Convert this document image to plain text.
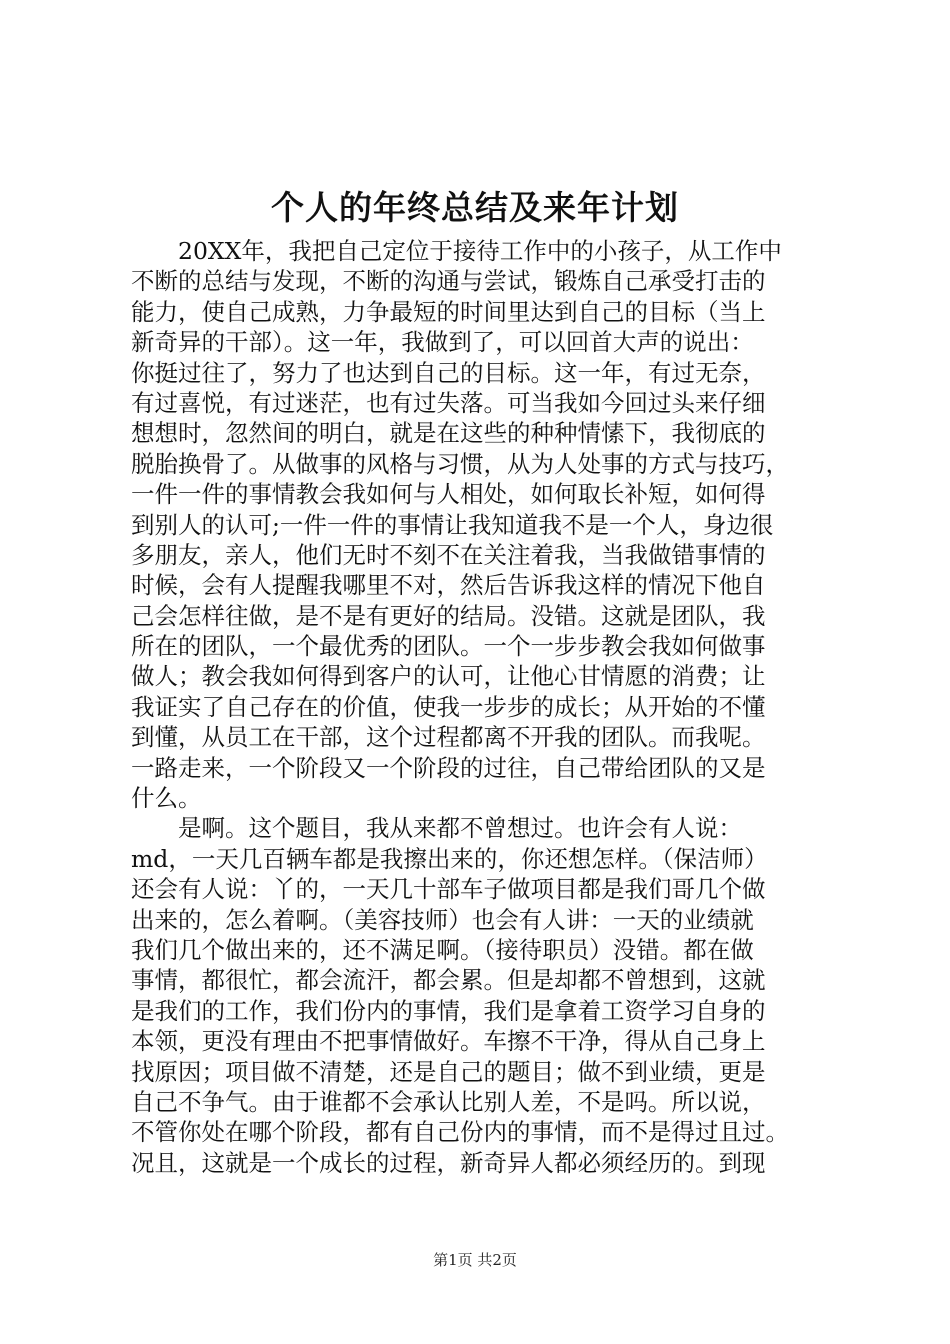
个人的年终总结及来年计划
　　20XX年，我把自己定位于接待工作中的小孩子，从工作中
不断的总结与发现，不断的沟通与尝试，锻炼自己承受打击的
能力，使自己成熟，力争最短的时间里达到自己的目标（当上
新奇异的干部）。这一年，我做到了，可以回首大声的说出：
你挺过往了，努力了也达到自己的目标。这一年，有过无奈，
有过喜悦，有过迷茫，也有过失落。可当我如今回过头来仔细
想想时，忽然间的明白，就是在这些的种种情愫下，我彻底的
脱胎换骨了。从做事的风格与习惯，从为人处事的方式与技巧，
一件一件的事情教会我如何与人相处，如何取长补短，如何得
到别人的认可;一件一件的事情让我知道我不是一个人，身边很
多朋友，亲人，他们无时不刻不在关注着我，当我做错事情的
时候，会有人提醒我哪里不对，然后告诉我这样的情况下他自
己会怎样往做，是不是有更好的结局。没错。这就是团队，我
所在的团队，一个最优秀的团队。一个一步步教会我如何做事
做人；教会我如何得到客户的认可，让他心甘情愿的消费；让
我证实了自己存在的价值，使我一步步的成长；从开始的不懂
到懂，从员工在干部，这个过程都离不开我的团队。而我呢。
一路走来，一个阶段又一个阶段的过往，自己带给团队的又是
什么。
　　是啊。这个题目，我从来都不曾想过。也许会有人说：
md，一天几百辆车都是我擦出来的，你还想怎样。（保洁师）
还会有人说：丫的，一天几十部车子做项目都是我们哥几个做
出来的，怎么着啊。（美容技师）也会有人讲：一天的业绩就
我们几个做出来的，还不满足啊。（接待职员）没错。都在做
事情，都很忙，都会流汗，都会累。但是却都不曾想到，这就
是我们的工作，我们份内的事情，我们是拿着工资学习自身的
本领，更没有理由不把事情做好。车擦不干净，得从自己身上
找原因；项目做不清楚，还是自己的题目；做不到业绩，更是
自己不争气。由于谁都不会承认比别人差，不是吗。所以说，
不管你处在哪个阶段，都有自己份内的事情，而不是得过且过。
况且，这就是一个成长的过程，新奇异人都必须经历的。到现
第1页 共2页
